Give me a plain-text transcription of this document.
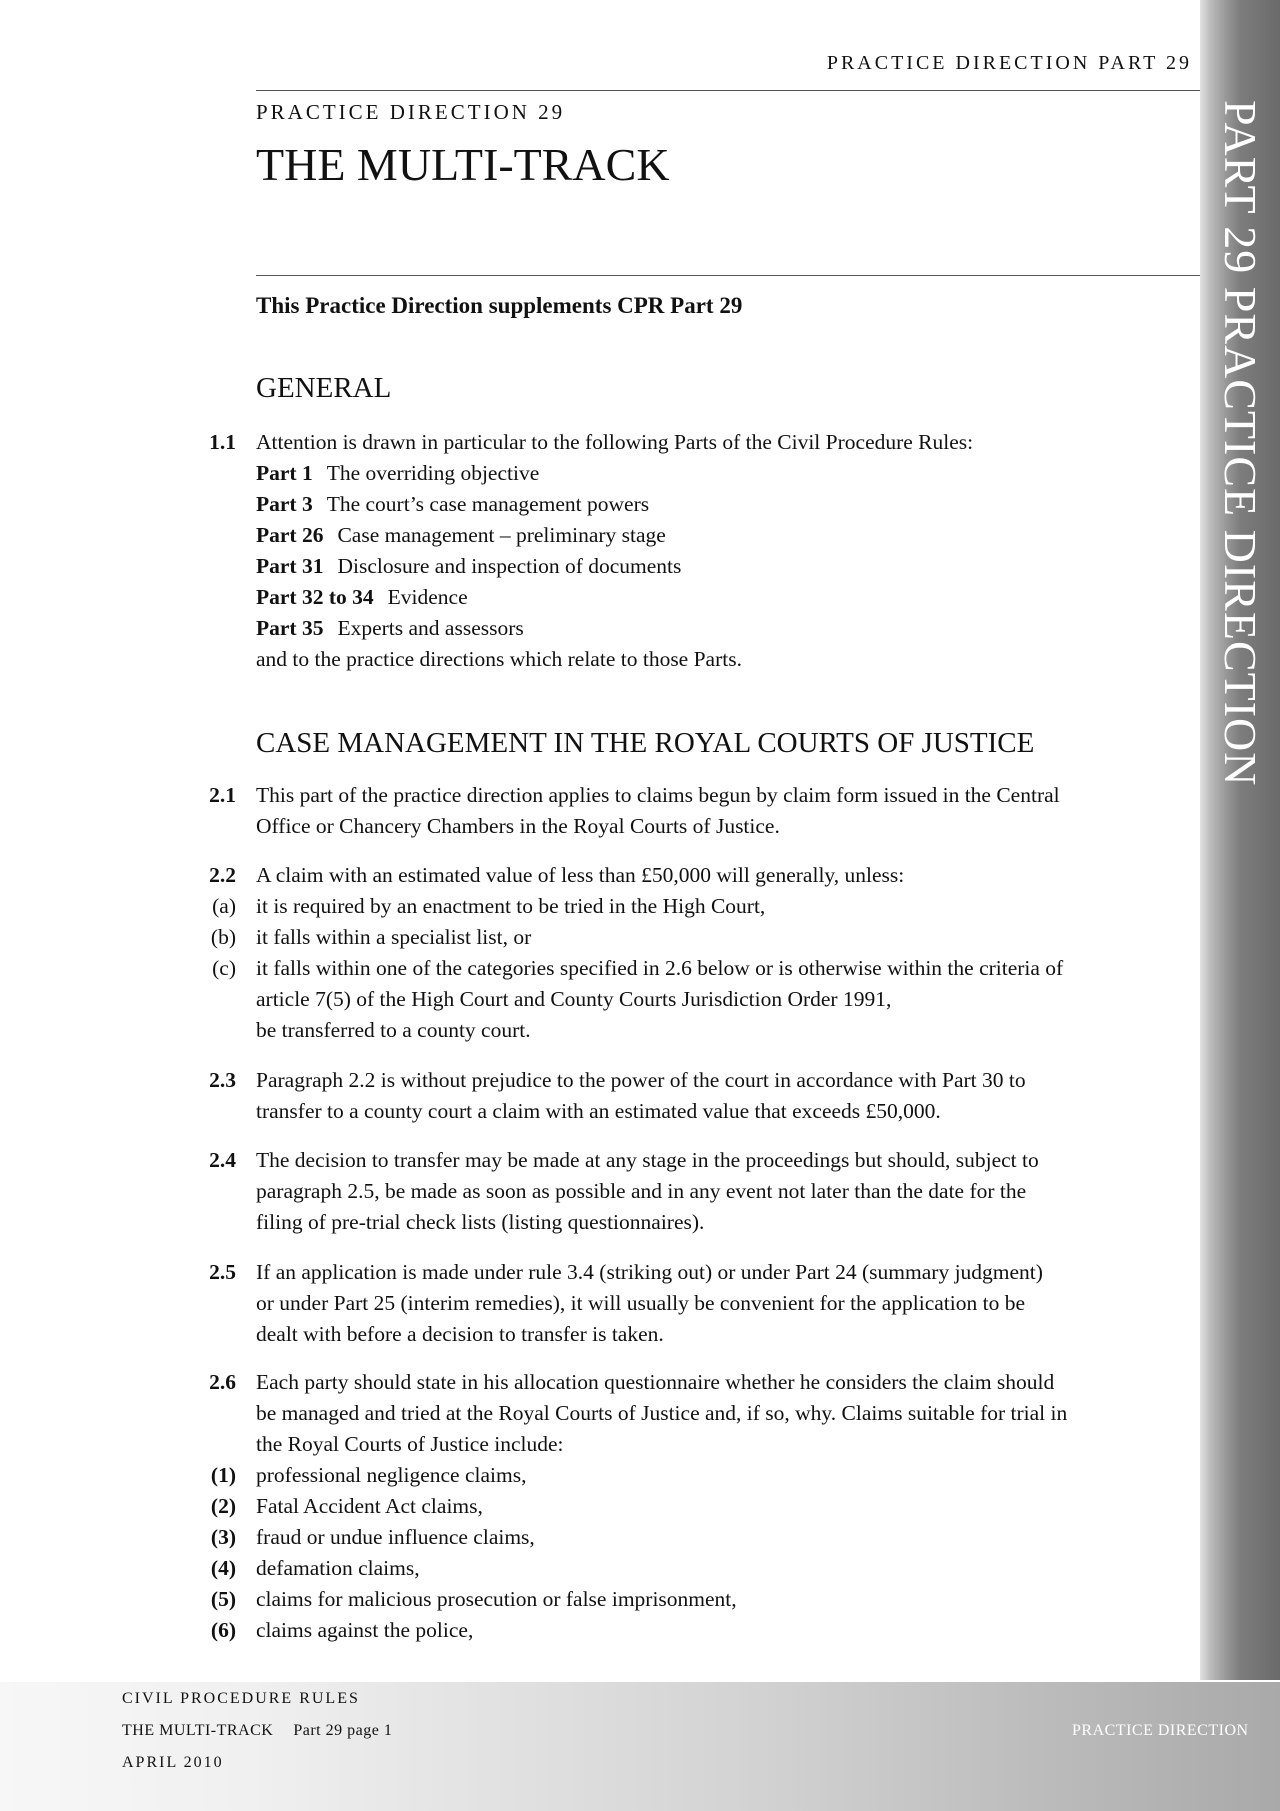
PART 29 PRACTICE DIRECTION
PRACTICE DIRECTION PART 29
PRACTICE DIRECTION 29
THE MULTI-TRACK
This Practice Direction supplements CPR Part 29
GENERAL
1.1 Attention is drawn in particular to the following Parts of the Civil Procedure Rules:
Part 1 The overriding objective
Part 3 The court’s case management powers
Part 26 Case management – preliminary stage
Part 31 Disclosure and inspection of documents
Part 32 to 34 Evidence
Part 35 Experts and assessors
and to the practice directions which relate to those Parts.
CASE MANAGEMENT IN THE ROYAL COURTS OF JUSTICE
2.1 This part of the practice direction applies to claims begun by claim form issued in the Central
Office or Chancery Chambers in the Royal Courts of Justice.
2.2 A claim with an estimated value of less than £50,000 will generally, unless:
(a) it is required by an enactment to be tried in the High Court,
(b) it falls within a specialist list, or
(c) it falls within one of the categories specified in 2.6 below or is otherwise within the criteria of
article 7(5) of the High Court and County Courts Jurisdiction Order 1991,
be transferred to a county court.
2.3 Paragraph 2.2 is without prejudice to the power of the court in accordance with Part 30 to
transfer to a county court a claim with an estimated value that exceeds £50,000.
2.4 The decision to transfer may be made at any stage in the proceedings but should, subject to
paragraph 2.5, be made as soon as possible and in any event not later than the date for the
filing of pre-trial check lists (listing questionnaires).
2.5 If an application is made under rule 3.4 (striking out) or under Part 24 (summary judgment)
or under Part 25 (interim remedies), it will usually be convenient for the application to be
dealt with before a decision to transfer is taken.
2.6 Each party should state in his allocation questionnaire whether he considers the claim should
be managed and tried at the Royal Courts of Justice and, if so, why. Claims suitable for trial in
the Royal Courts of Justice include:
(1) professional negligence claims,
(2) Fatal Accident Act claims,
(3) fraud or undue influence claims,
(4) defamation claims,
(5) claims for malicious prosecution or false imprisonment,
(6) claims against the police,
CIVIL PROCEDURE RULES
THE MULTI-TRACK Part 29 page 1
APRIL 2010
PRACTICE DIRECTION
